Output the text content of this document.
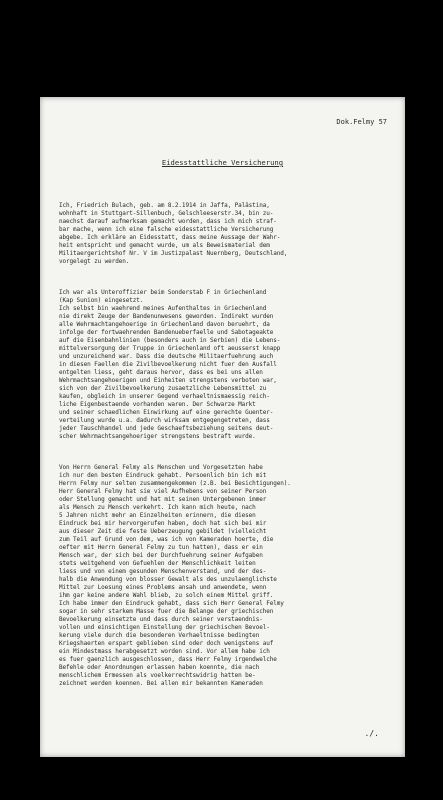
Dok.Felmy 57
Eidesstattliche Versicherung

Ich, Friedrich Bulach, geb. am 8.2.1914 in Jaffa, Palästina,
wohnhaft in Stuttgart-Sillenbuch, Gelschleeserstr.34, bin zu-
naechst darauf aufmerksam gemacht worden, dass ich mich straf-
bar mache, wenn ich eine falsche eidesstattliche Versicherung
abgebe. Ich erkläre an Eidesstatt, dass meine Aussage der Wahr-
heit entspricht und gemacht wurde, um als Beweismaterial dem
Militaergerichtshof Nr. V im Justizpalast Nuernberg, Deutschland,
vorgelegt zu werden.

Ich war als Unteroffizier beim Sonderstab F in Griechenland
(Kap Sunion) eingesetzt.
Ich selbst bin waehrend meines Aufenthaltes in Griechenland
nie direkt Zeuge der Bandenunwesens geworden. Indirekt wurden
alle Wehrmachtangehoerige in Griechenland davon beruehrt, da
infolge der fortwaehrenden Bandenueberfaelle und Sabotageakte
auf die Eisenbahnlinien (besonders auch in Serbien) die Lebens-
mittelversorgung der Truppe in Griechenland oft aeusserst knapp
und unzureichend war. Dass die deutsche Militaerfuehrung auch
in diesen Faellen die Zivilbevoelkerung nicht fuer den Ausfall
entgelten liess, geht daraus hervor, dass es bei uns allen
Wehrmachtsangehoerigen und Einheiten strengstens verboten war,
sich von der Zivilbevoelkerung zusaetzliche Lebensmittel zu
kaufen, obgleich in unserer Gegend verhaeltnismaessig reich-
liche Eigenbestaende vorhanden waren. Der Schwarze Markt
und seiner schaedlichen Einwirkung auf eine gerechte Guenter-
verteilung wurde u.a. dadurch wirksam entgegengetreten, dass
jeder Tauschhandel und jede Geschaeftsbeziehung seitens deut-
scher Wehrmachtsangehoeriger strengstens bestraft wurde.

Von Herrn General Felmy als Menschen und Vorgesetzten habe
ich nur den besten Eindruck gehabt. Persoenlich bin ich mit
Herrn Felmy nur selten zusammengekommen (z.B. bei Besichtigungen).
Herr General Felmy hat sie viel Aufhebens von seiner Person
oder Stellung gemacht und hat mit seinen Untergebenen immer
als Mensch zu Mensch verkehrt. Ich kann mich heute, nach
5 Jahren nicht mehr an Einzelheiten erinnern, die diesen
Eindruck bei mir hervorgerufen haben, doch hat sich bei mir
aus dieser Zeit die feste Ueberzeugung gebildet (vielleicht
zum Teil auf Grund von dem, was ich von Kameraden hoerte, die
oefter mit Herrn General Felmy zu tun hatten), dass er ein
Mensch war, der sich bei der Durchfuehrung seiner Aufgaben
stets weitgehend von Gefuehlen der Menschlichkeit leiten
liess und von einem gesunden Menschenverstand, und der des-
halb die Anwendung von blosser Gewalt als des unzulaenglichste
Mittel zur Loesung eines Problems ansah und anwendete, wenn
ihm gar keine andere Wahl blieb, zu solch einem Mittel griff.
Ich habe immer den Eindruck gehabt, dass sich Herr General Felmy
sogar in sehr starkem Masse fuer die Belange der griechischen
Bevoelkerung einsetzte und dass durch seiner verstaendnis-
vollen und einsichtigen Einstellung der griechischen Bevoel-
kerung viele durch die besonderen Verhaeltnisse bedingten
Kriegshaerten erspart geblieben sind oder doch wenigstens auf
ein Mindestmass herabgesetzt worden sind. Vor allem habe ich
es fuer gaenzlich ausgeschlossen, dass Herr Felmy irgendwelche
Befehle oder Anordnungen erlassen haben koennte, die nach
menschlichem Ermessen als voelkerrechtswidrig hatten be-
zeichnet werden koennen. Bei allen mir bekannten Kameraden

./.
